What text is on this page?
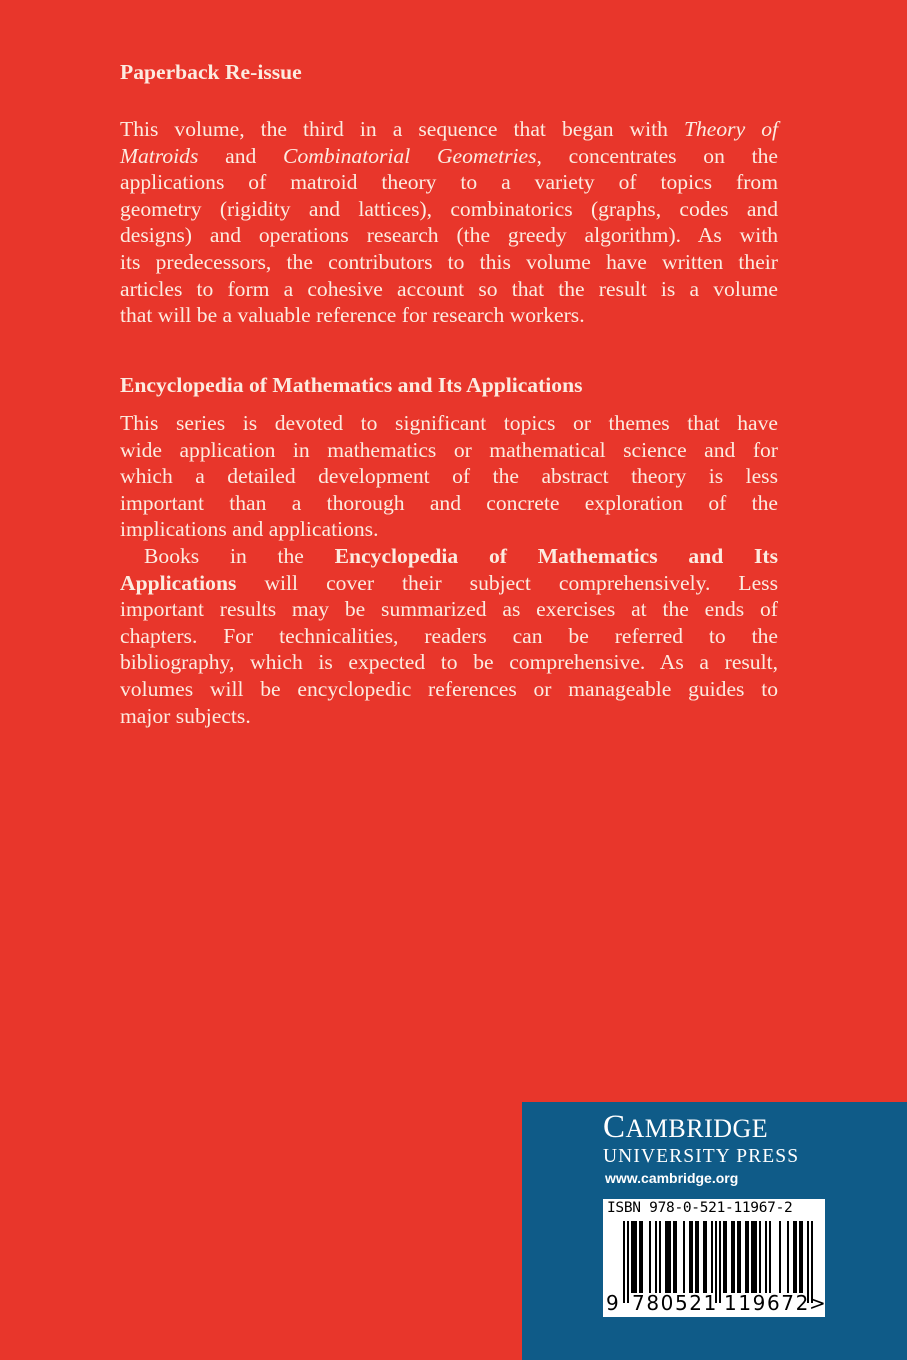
Paperback Re-issue
This volume, the third in a sequence that began with Theory of
Matroids and Combinatorial Geometries, concentrates on the
applications of matroid theory to a variety of topics from
geometry (rigidity and lattices), combinatorics (graphs, codes and
designs) and operations research (the greedy algorithm). As with
its predecessors, the contributors to this volume have written their
articles to form a cohesive account so that the result is a volume
that will be a valuable reference for research workers.
Encyclopedia of Mathematics and Its Applications
This series is devoted to significant topics or themes that have
wide application in mathematics or mathematical science and for
which a detailed development of the abstract theory is less
important than a thorough and concrete exploration of the
implications and applications.
Books in the Encyclopedia of Mathematics and Its
Applications will cover their subject comprehensively. Less
important results may be summarized as exercises at the ends of
chapters. For technicalities, readers can be referred to the
bibliography, which is expected to be comprehensive. As a result,
volumes will be encyclopedic references or manageable guides to
major subjects.
CAMBRIDGE
UNIVERSITY PRESS
www.cambridge.org
ISBN 978-0-521-11967-2
9 780521 119672 >
